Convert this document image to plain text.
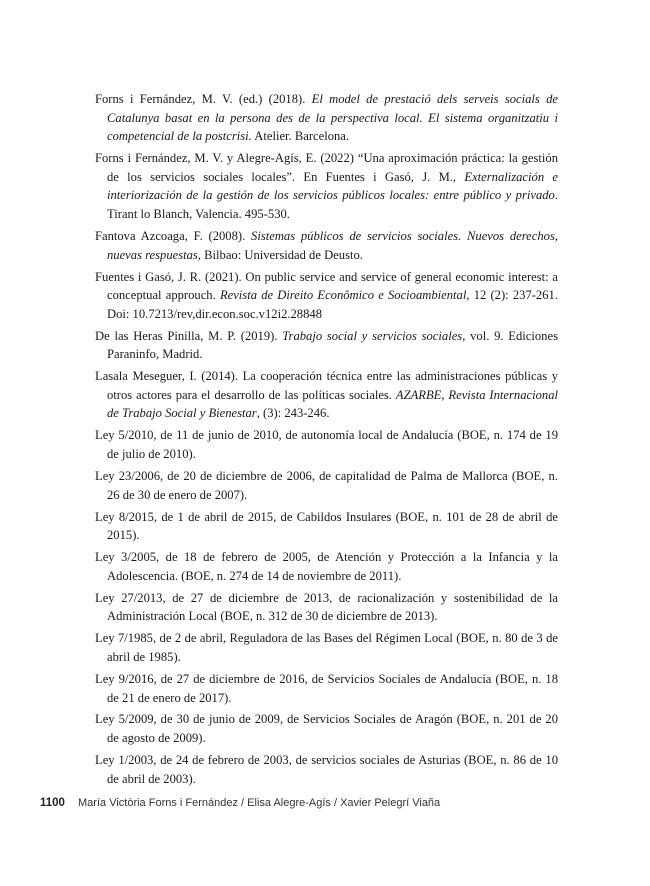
Forns i Fernández, M. V. (ed.) (2018). El model de prestació dels serveis socials de Catalunya basat en la persona des de la perspectiva local. El sistema organitzatiu i competencial de la postcrisi. Atelier. Barcelona.

Forns i Fernández, M. V. y Alegre-Agís, E. (2022) “Una aproximación práctica: la gestión de los servicios sociales locales”. En Fuentes i Gasó, J. M., Externalización e interiorización de la gestión de los servicios públicos locales: entre público y privado. Tirant lo Blanch, Valencia. 495-530.

Fantova Azcoaga, F. (2008). Sistemas públicos de servicios sociales. Nuevos derechos, nuevas respuestas, Bilbao: Universidad de Deusto.

Fuentes i Gasó, J. R. (2021). On public service and service of general economic interest: a conceptual approuch. Revista de Direito Econômico e Socioambiental, 12 (2): 237-261. Doi: 10.7213/rev,dir.econ.soc.v12i2.28848

De las Heras Pinilla, M. P. (2019). Trabajo social y servicios sociales, vol. 9. Ediciones Paraninfo, Madrid.

Lasala Meseguer, I. (2014). La cooperación técnica entre las administraciones públicas y otros actores para el desarrollo de las políticas sociales. AZARBE, Revista Internacional de Trabajo Social y Bienestar, (3): 243-246.

Ley 5/2010, de 11 de junio de 2010, de autonomía local de Andalucía (BOE, n. 174 de 19 de julio de 2010).

Ley 23/2006, de 20 de diciembre de 2006, de capitalidad de Palma de Mallorca (BOE, n. 26 de 30 de enero de 2007).

Ley 8/2015, de 1 de abril de 2015, de Cabildos Insulares (BOE, n. 101 de 28 de abril de 2015).

Ley 3/2005, de 18 de febrero de 2005, de Atención y Protección a la Infancia y la Adolescencia. (BOE, n. 274 de 14 de noviembre de 2011).

Ley 27/2013, de 27 de diciembre de 2013, de racionalización y sostenibilidad de la Administración Local (BOE, n. 312 de 30 de diciembre de 2013).

Ley 7/1985, de 2 de abril, Reguladora de las Bases del Régimen Local (BOE, n. 80 de 3 de abril de 1985).

Ley 9/2016, de 27 de diciembre de 2016, de Servicios Sociales de Andalucía (BOE, n. 18 de 21 de enero de 2017).

Ley 5/2009, de 30 de junio de 2009, de Servicios Sociales de Aragón (BOE, n. 201 de 20 de agosto de 2009).

Ley 1/2003, de 24 de febrero de 2003, de servicios sociales de Asturias (BOE, n. 86 de 10 de abril de 2003).

1100 María Victòria Forns i Fernández / Elisa Alegre-Agís / Xavier Pelegrí Viaña
